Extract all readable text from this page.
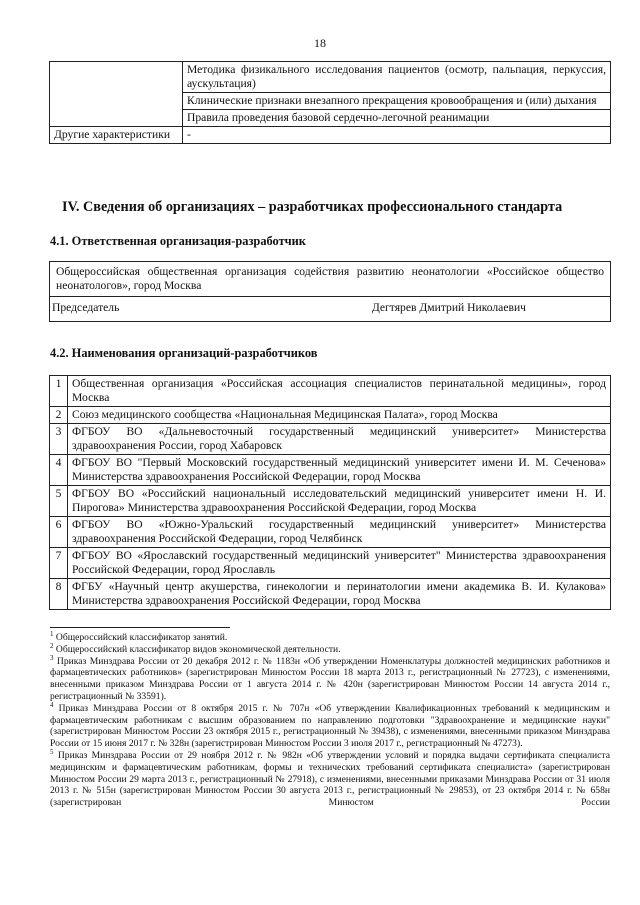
18
	Методика физикального исследования пациентов (осмотр, пальпация, перкуссия, аускультация)
	Клинические признаки внезапного прекращения кровообращения и (или) дыхания
	Правила проведения базовой сердечно-легочной реанимации
Другие характеристики	-
IV. Сведения об организациях – разработчиках профессионального стандарта
4.1. Ответственная организация-разработчик
Общероссийская общественная организация содействия развитию неонатологии «Российское общество неонатологов», город Москва

Председатель	Дегтярев Дмитрий Николаевич
4.2. Наименования организаций-разработчиков
1	Общественная организация «Российская ассоциация специалистов перинатальной медицины», город Москва
2	Союз медицинского сообщества «Национальная Медицинская Палата», город Москва
3	ФГБОУ ВО «Дальневосточный государственный медицинский университет» Министерства здравоохранения России, город Хабаровск
4	ФГБОУ ВО "Первый Московский государственный медицинский университет имени И. М. Сеченова» Министерства здравоохранения Российской Федерации, город Москва
5	ФГБОУ ВО «Российский национальный исследовательский медицинский университет имени Н. И. Пирогова» Министерства здравоохранения Российской Федерации, город Москва
6	ФГБОУ ВО «Южно-Уральский государственный медицинский университет» Министерства здравоохранения Российской Федерации, город Челябинск
7	ФГБОУ ВО «Ярославский государственный медицинский университет" Министерства здравоохранения Российской Федерации, город Ярославль
8	ФГБУ «Научный центр акушерства, гинекологии и перинатологии имени академика В. И. Кулакова» Министерства здравоохранения Российской Федерации, город Москва

$^1$ Общероссийский классификатор занятий.

$^2$ Общероссийский классификатор видов экономической деятельности.

$^3$ Приказ Минздрава России от 20 декабря 2012 г. № 1183н «Об утверждении Номенклатуры должностей медицинских работников и фармацевтических работников» (зарегистрирован Минюстом России 18 марта 2013 г., регистрационный № 27723), с изменениями, внесенными приказом Минздрава России от 1 августа 2014 г. № 420н (зарегистрирован Минюстом России 14 августа 2014 г., регистрационный № 33591).

$^4$ Приказ Минздрава России от 8 октября 2015 г. № 707н «Об утверждении Квалификационных требований к медицинским и фармацевтическим работникам с высшим образованием по направлению подготовки "Здравоохранение и медицинские науки" (зарегистрирован Минюстом России 23 октября 2015 г., регистрационный № 39438), с изменениями, внесенными приказом Минздрава России от 15 июня 2017 г. № 328н (зарегистрирован Минюстом России 3 июля 2017 г., регистрационный № 47273).

$^5$ Приказ Минздрава России от 29 ноября 2012 г. № 982н «Об утверждении условий и порядка выдачи сертификата специалиста медицинским и фармацевтическим работникам, формы и технических требований сертификата специалиста» (зарегистрирован Минюстом России 29 марта 2013 г., регистрационный № 27918), с изменениями, внесенными приказами Минздрава России от 31 июля 2013 г. № 515н (зарегистрирован Минюстом России 30 августа 2013 г., регистрационный № 29853), от 23 октября 2014 г. № 658н (зарегистрирован Минюстом России
